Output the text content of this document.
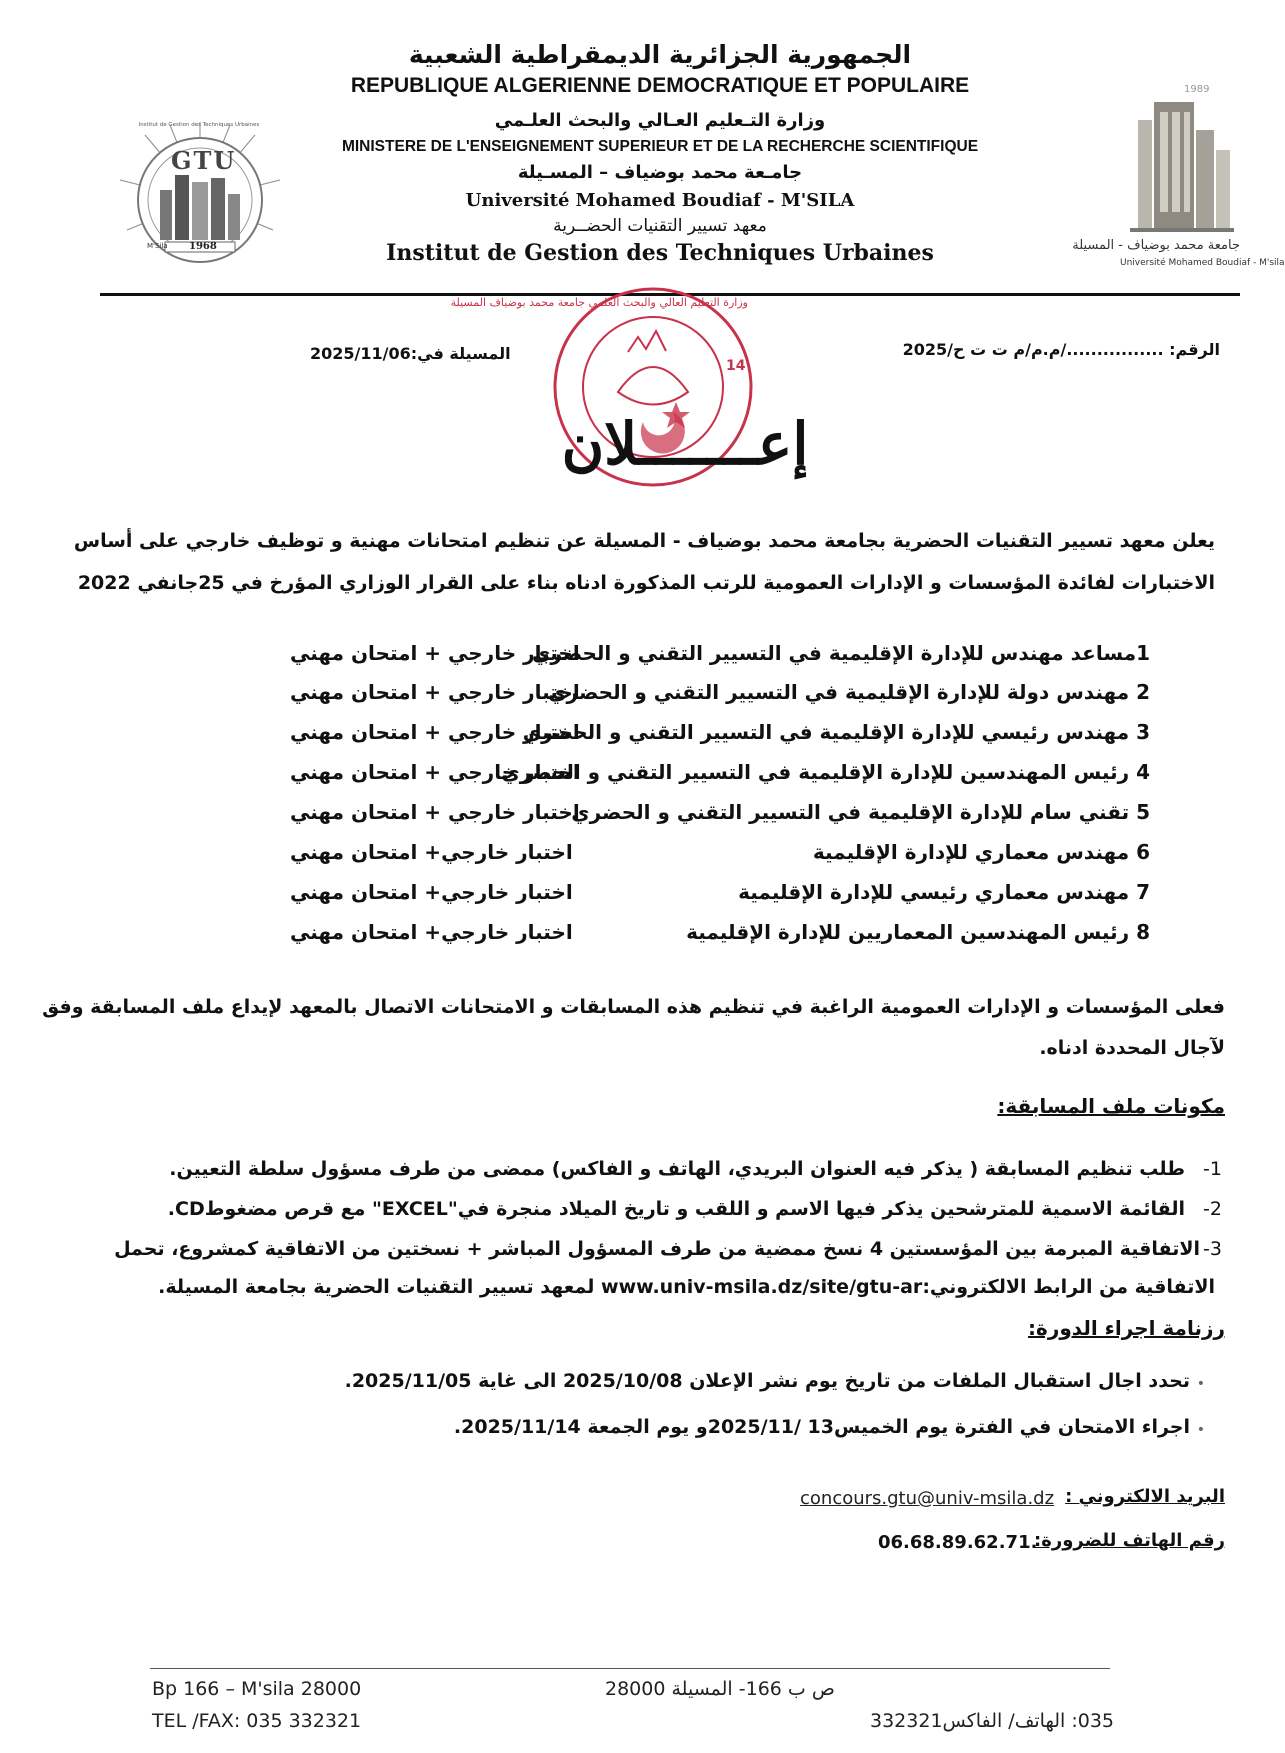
الجمهورية الجزائرية الديمقراطية الشعبية
REPUBLIQUE ALGERIENNE DEMOCRATIQUE ET POPULAIRE
وزارة التـعليم العـالي والبحث العلـمي
MINISTERE DE L'ENSEIGNEMENT SUPERIEUR ET DE LA RECHERCHE SCIENTIFIQUE
جامـعة محمد بوضياف – المسـيلة
Université Mohamed Boudiaf - M'SILA
معهد تسيير التقنيات الحضــرية
Institut de Gestion des Techniques Urbaines
GTU
1968
M'Sila
Institut de Gestion des Techniques Urbaines
1989
جامعة محمد بوضياف - المسيلة
Université Mohamed Boudiaf - M'sila
الرقم: ................/م.م/م ت ت ح/2025
المسيلة في:2025/11/06
وزارة التعليم العالي والبحث العلمي جامعة محمد بوضياف المسيلة
14
إعـــــــلان
يعلن معهد تسيير التقنيات الحضرية بجامعة محمد بوضياف - المسيلة عن تنظيم امتحانات مهنية و توظيف خارجي على أساس
الاختبارات لفائدة المؤسسات و الإدارات العمومية للرتب المذكورة ادناه بناء على القرار الوزاري المؤرخ في 25جانفي 2022
1مساعد مهندس للإدارة الإقليمية في التسيير التقني و الحضري
اختبار خارجي + امتحان مهني
2 مهندس دولة للإدارة الإقليمية في التسيير التقني و الحضري
اختبار خارجي + امتحان مهني
3 مهندس رئيسي للإدارة الإقليمية في التسيير التقني و الحضري
اختبار خارجي + امتحان مهني
4 رئيس المهندسين للإدارة الإقليمية في التسيير التقني و الحضري
اختبار خارجي + امتحان مهني
5 تقني سام للإدارة الإقليمية في التسيير التقني و الحضري
اختبار خارجي + امتحان مهني
6 مهندس معماري للإدارة الإقليمية
اختبار خارجي+ امتحان مهني
7 مهندس معماري رئيسي للإدارة الإقليمية
اختبار خارجي+ امتحان مهني
8 رئيس المهندسين المعماريين للإدارة الإقليمية
اختبار خارجي+ امتحان مهني
فعلى المؤسسات و الإدارات العمومية الراغبة في تنظيم هذه المسابقات و الامتحانات الاتصال بالمعهد لإيداع ملف المسابقة وفق
لآجال المحددة ادناه.
مكونات ملف المسابقة:
-1
طلب تنظيم المسابقة ( يذكر فيه العنوان البريدي، الهاتف و الفاكس) ممضى من طرف مسؤول سلطة التعيين.
-2
القائمة الاسمية للمترشحين يذكر فيها الاسم و اللقب و تاريخ الميلاد منجرة في"EXCEL" مع قرص مضغوطCD.
-3
الاتفاقية المبرمة بين المؤسستين 4 نسخ ممضية من طرف المسؤول المباشر + نسختين من الاتفاقية كمشروع، تحمل
الاتفاقية من الرابط الالكتروني:www.univ-msila.dz/site/gtu-ar لمعهد تسيير التقنيات الحضرية بجامعة المسيلة.
رزنامة اجراء الدورة:
•
تحدد اجال استقبال الملفات من تاريخ يوم نشر الإعلان 2025/10/08 الى غاية 2025/11/05.
•
اجراء الامتحان في الفترة يوم الخميس13 /2025/11و يوم الجمعة 2025/11/14.
البريد الالكتروني :
concours.gtu@univ-msila.dz
رقم الهاتف للضرورة:
06.68.89.62.71.
Bp 166 – M'sila 28000
TEL /FAX: 035 332321
ص ب 166- المسيلة 28000
035: الهاتف/ الفاكس332321
